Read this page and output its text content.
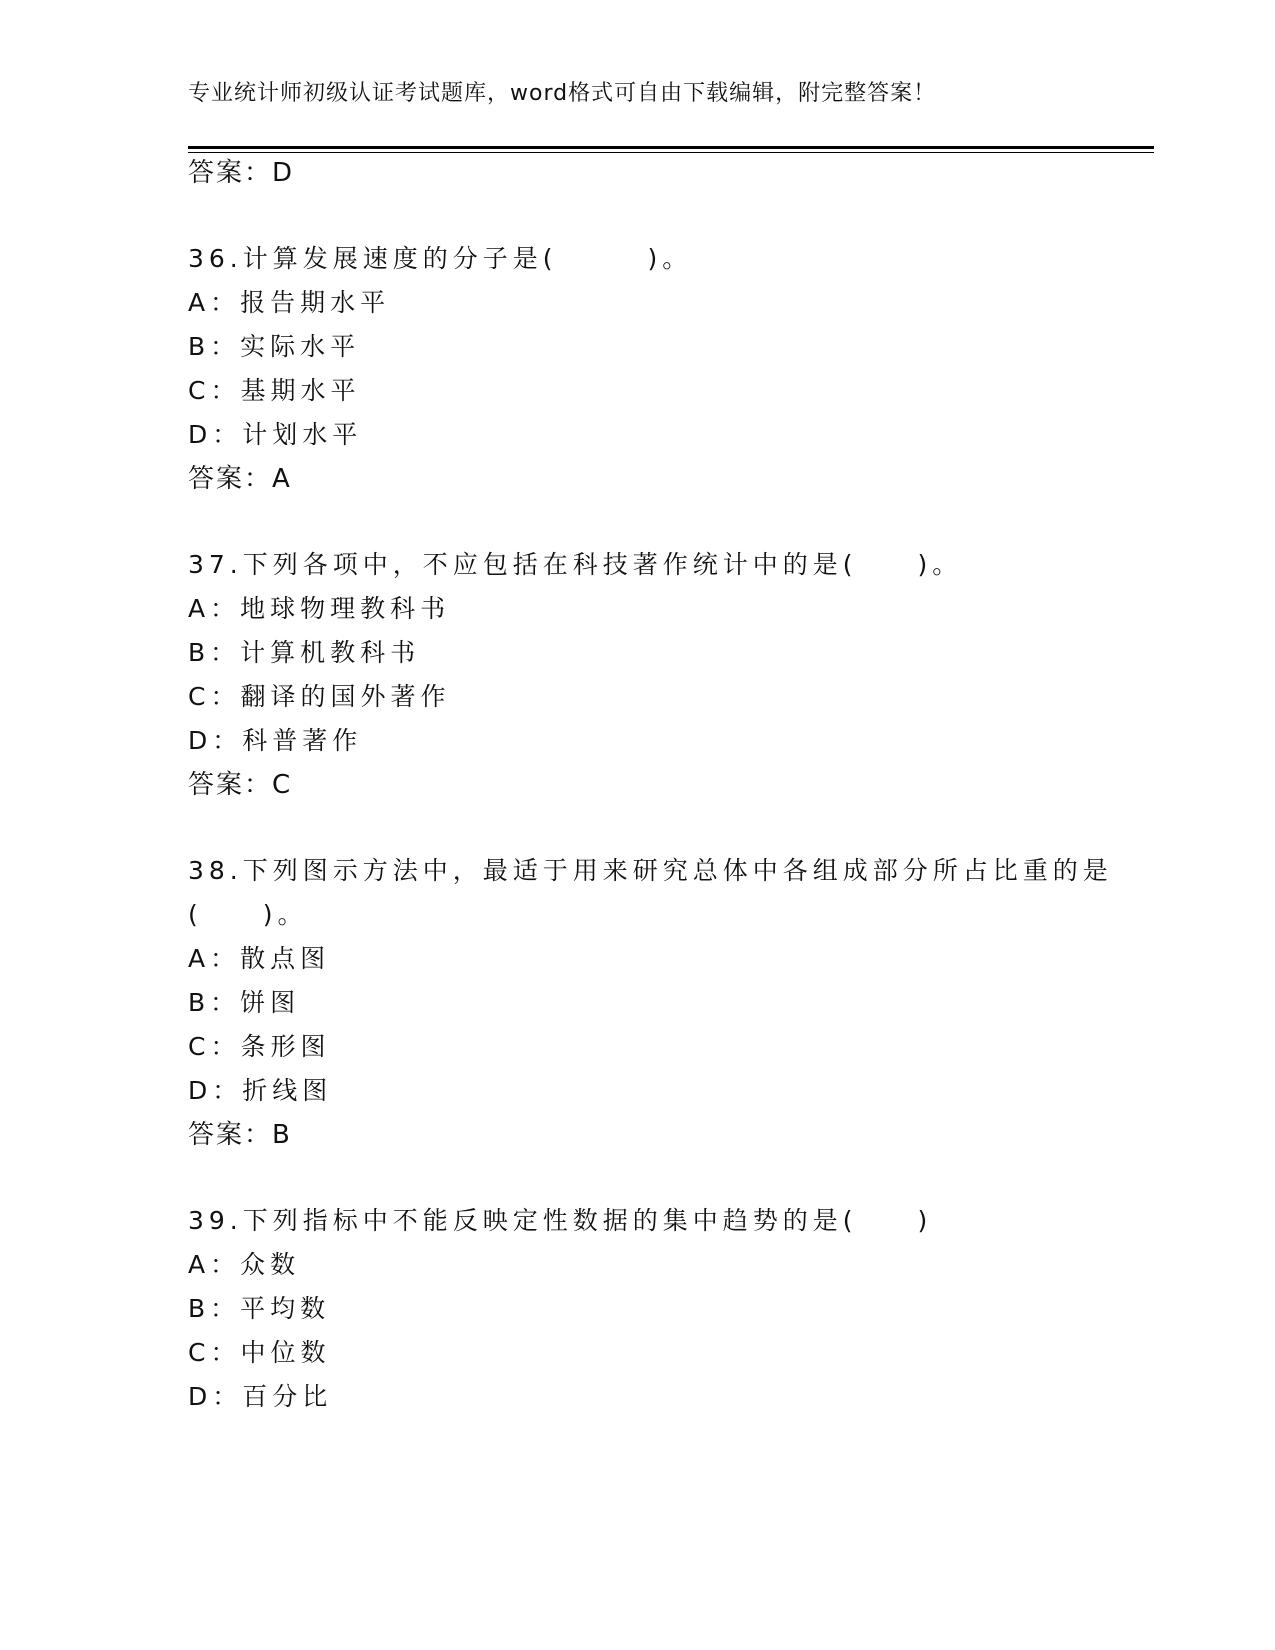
专业统计师初级认证考试题库，word格式可自由下载编辑，附完整答案！
答案：D
36.计算发展速度的分子是(　　　)。
A：报告期水平
B：实际水平
C：基期水平
D：计划水平
答案：A
37.下列各项中，不应包括在科技著作统计中的是(　　)。
A：地球物理教科书
B：计算机教科书
C：翻译的国外著作
D：科普著作
答案：C
38.下列图示方法中，最适于用来研究总体中各组成部分所占比重的是
(　　)。
A：散点图
B：饼图
C：条形图
D：折线图
答案：B
39.下列指标中不能反映定性数据的集中趋势的是(　　)
A：众数
B：平均数
C：中位数
D：百分比
